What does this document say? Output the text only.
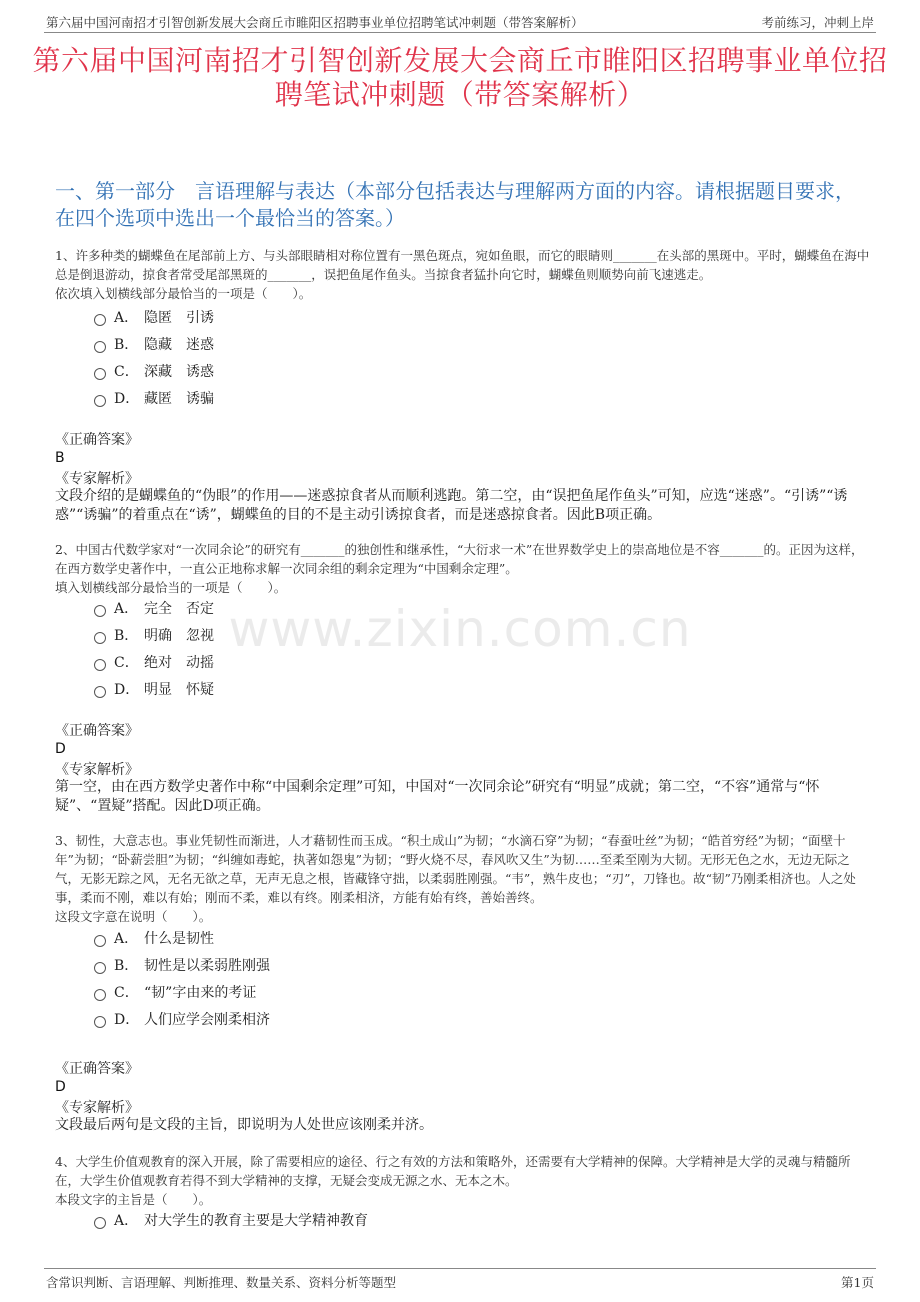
第六届中国河南招才引智创新发展大会商丘市睢阳区招聘事业单位招聘笔试冲刺题（带答案解析）	考前练习，冲刺上岸
第六届中国河南招才引智创新发展大会商丘市睢阳区招聘事业单位招聘笔试冲刺题（带答案解析）
一、第一部分　言语理解与表达（本部分包括表达与理解两方面的内容。请根据题目要求，在四个选项中选出一个最恰当的答案。）

1、许多种类的蝴蝶鱼在尾部前上方、与头部眼睛相对称位置有一黑色斑点，宛如鱼眼，而它的眼睛则_______在头部的黑斑中。平时，蝴蝶鱼在海中总是倒退游动，掠食者常受尾部黑斑的_______，误把鱼尾作鱼头。当掠食者猛扑向它时，蝴蝶鱼则顺势向前飞速逃走。

依次填入划横线部分最恰当的一项是（　　）。

A． 隐匿　引诱
B． 隐藏　迷惑
C． 深藏　诱惑
D． 藏匿　诱骗
《正确答案》
B
《专家解析》
文段介绍的是蝴蝶鱼的“伪眼”的作用——迷惑掠食者从而顺利逃跑。第二空，由“误把鱼尾作鱼头”可知，应选“迷惑”。“引诱”“诱惑”“诱骗”的着重点在“诱”，蝴蝶鱼的目的不是主动引诱掠食者，而是迷惑掠食者。因此B项正确。

2、中国古代数学家对“一次同余论”的研究有_______的独创性和继承性，“大衍求一术”在世界数学史上的崇高地位是不容_______的。正因为这样，在西方数学史著作中，一直公正地称求解一次同余组的剩余定理为“中国剩余定理”。

填入划横线部分最恰当的一项是（　　）。

A． 完全　否定
B． 明确　忽视
C． 绝对　动摇
D． 明显　怀疑
《正确答案》
D
《专家解析》
第一空，由在西方数学史著作中称“中国剩余定理”可知，中国对“一次同余论”研究有“明显”成就；第二空，“不容”通常与“怀疑”、“置疑”搭配。因此D项正确。

3、韧性，大意志也。事业凭韧性而渐进，人才藉韧性而玉成。“积土成山”为韧；“水滴石穿”为韧；“春蚕吐丝”为韧；“皓首穷经”为韧；“面壁十年”为韧；“卧薪尝胆”为韧；“纠缠如毒蛇，执著如怨鬼”为韧；“野火烧不尽，春风吹又生”为韧……至柔至刚为大韧。无形无色之水，无边无际之气，无影无踪之风，无名无欲之草，无声无息之根，皆藏锋守拙，以柔弱胜刚强。“韦”，熟牛皮也；“刃”，刀锋也。故“韧”乃刚柔相济也。人之处事，柔而不刚，难以有始；刚而不柔，难以有终。刚柔相济，方能有始有终，善始善终。

这段文字意在说明（　　）。

A． 什么是韧性
B． 韧性是以柔弱胜刚强
C． “韧”字由来的考证
D． 人们应学会刚柔相济
《正确答案》
D
《专家解析》
文段最后两句是文段的主旨，即说明为人处世应该刚柔并济。

4、大学生价值观教育的深入开展，除了需要相应的途径、行之有效的方法和策略外，还需要有大学精神的保障。大学精神是大学的灵魂与精髓所在，大学生价值观教育若得不到大学精神的支撑，无疑会变成无源之水、无本之木。

本段文字的主旨是（　　）。

A． 对大学生的教育主要是大学精神教育
www.zixin.com.cn
含常识判断、言语理解、判断推理、数量关系、资料分析等题型	第1页
